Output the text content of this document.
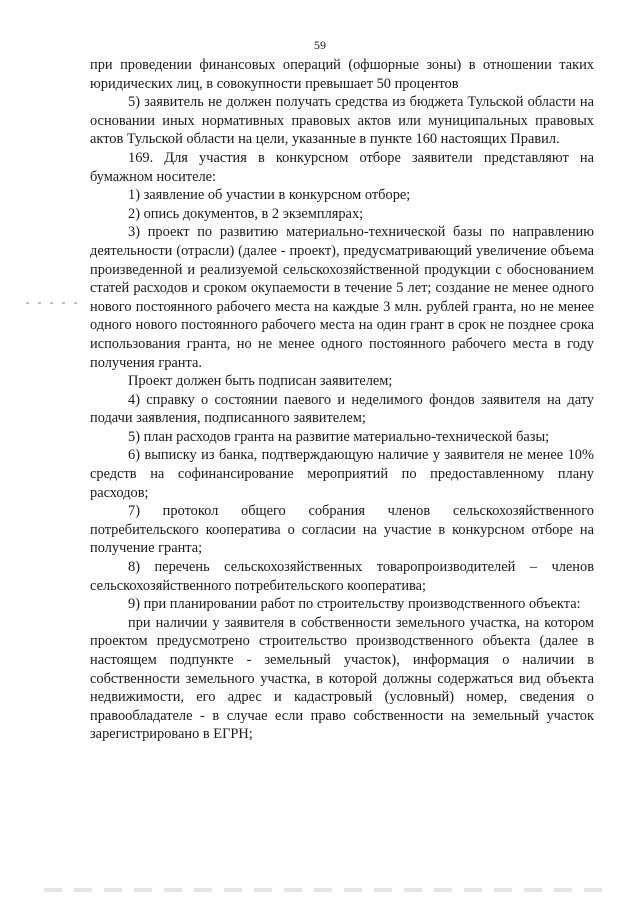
59

при проведении финансовых операций (офшорные зоны) в отношении таких юридических лиц, в совокупности превышает 50 процентов

5) заявитель не должен получать средства из бюджета Тульской области на основании иных нормативных правовых актов или муниципальных правовых актов Тульской области на цели, указанные в пункте 160 настоящих Правил.

169. Для участия в конкурсном отборе заявители представляют на бумажном носителе:

1) заявление об участии в конкурсном отборе;

2) опись документов, в 2 экземплярах;

3) проект по развитию материально-технической базы по направлению деятельности (отрасли) (далее - проект), предусматривающий увеличение объема произведенной и реализуемой сельскохозяйственной продукции с обоснованием статей расходов и сроком окупаемости в течение 5 лет; создание не менее одного нового постоянного рабочего места на каждые 3 млн. рублей гранта, но не менее одного нового постоянного рабочего места на один грант в срок не позднее срока использования гранта, но не менее одного постоянного рабочего места в году получения гранта.

Проект должен быть подписан заявителем;

4) справку о состоянии паевого и неделимого фондов заявителя на дату подачи заявления, подписанного заявителем;

5) план расходов гранта на развитие материально-технической базы;

6) выписку из банка, подтверждающую наличие у заявителя не менее 10% средств на софинансирование мероприятий по предоставленному плану расходов;

7) протокол общего собрания членов сельскохозяйственного потребительского кооператива о согласии на участие в конкурсном отборе на получение гранта;

8) перечень сельскохозяйственных товаропроизводителей – членов сельскохозяйственного потребительского кооператива;

9) при планировании работ по строительству производственного объекта:

при наличии у заявителя в собственности земельного участка, на котором проектом предусмотрено строительство производственного объекта (далее в настоящем подпункте - земельный участок), информация о наличии в собственности земельного участка, в которой должны содержаться вид объекта недвижимости, его адрес и кадастровый (условный) номер, сведения о правообладателе - в случае если право собственности на земельный участок зарегистрировано в ЕГРН;
